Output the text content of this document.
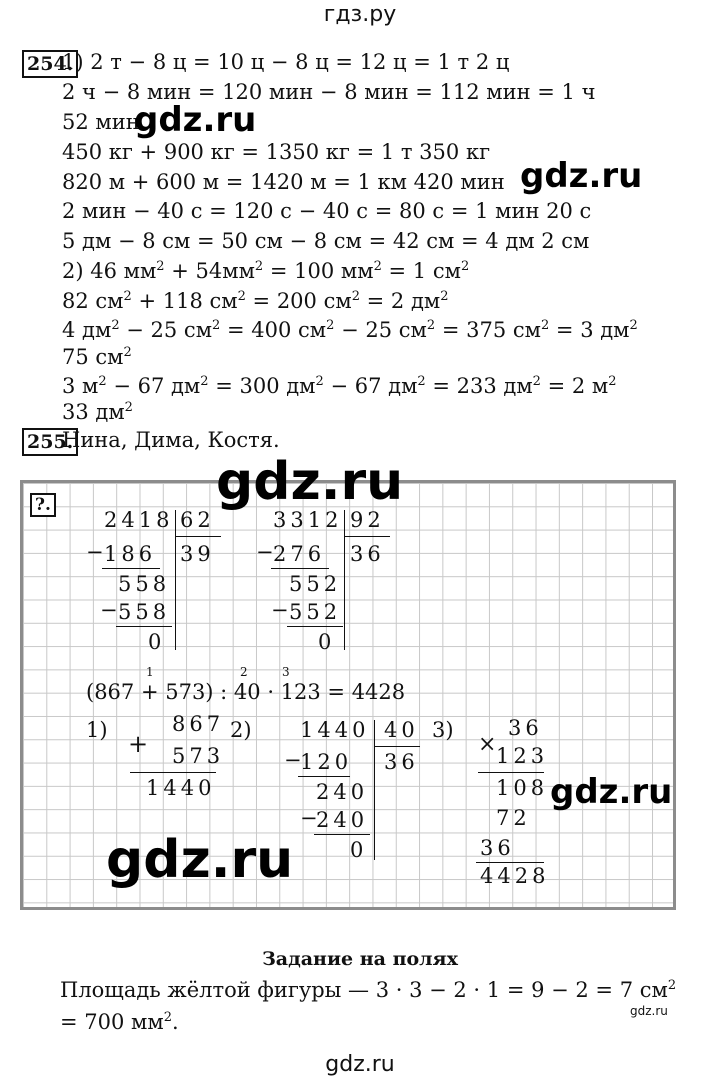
гдз.ру
254.
1) 2 т − 8 ц = 10 ц − 8 ц = 12 ц = 1 т 2 ц
2 ч − 8 мин = 120 мин − 8 мин = 112 мин = 1 ч
52 мин
450 кг + 900 кг = 1350 кг = 1 т 350 кг
820 м + 600 м = 1420 м = 1 км 420 мин
2 мин − 40 с = 120 с − 40 с = 80 с = 1 мин 20 с
5 дм − 8 см = 50 см − 8 см = 42 см = 4 дм 2 см
2) 46 $мм^2 + 54мм^2 = 100$ $мм^2 = 1$ $см^2$
82 $см^2 + 118$ $см^2 = 200$ $см^2 = 2$ $дм^2$
4 $дм^2 - 25$ $см^2 = 400$ $см^2 - 25$ $см^2 = 375$ $см^2 = 3$ $дм^2$
75 $см^2$
3 $м^2 - 67$ $дм^2 = 300$ $дм^2 - 67$ $дм^2 = 233$ $дм^2 = 2$ $м^2$
33 $дм^2$
255.
Нина, Дима, Костя.
?.
2418 62
39
−
186
558
−
558
0
3312 92
36
−
276
552
−
552
0
1	2	3
(867 + 573) : 40 · 123 = 4428
1)	867
+ 573
1440
2) 1440 40
36
−
120
240
−
240
0
3)	36
× 123
108
72
36
4428
Задание на полях
Площадь жёлтой фигуры — 3 · 3 − 2 · 1 = 9 − 2 = 7 $см^2$
= 700 $мм^2$.
gdz.ru
gdz.ru
gdz.ru
gdz.ru
gdz.ru
gdz.ru
gdz.ru
